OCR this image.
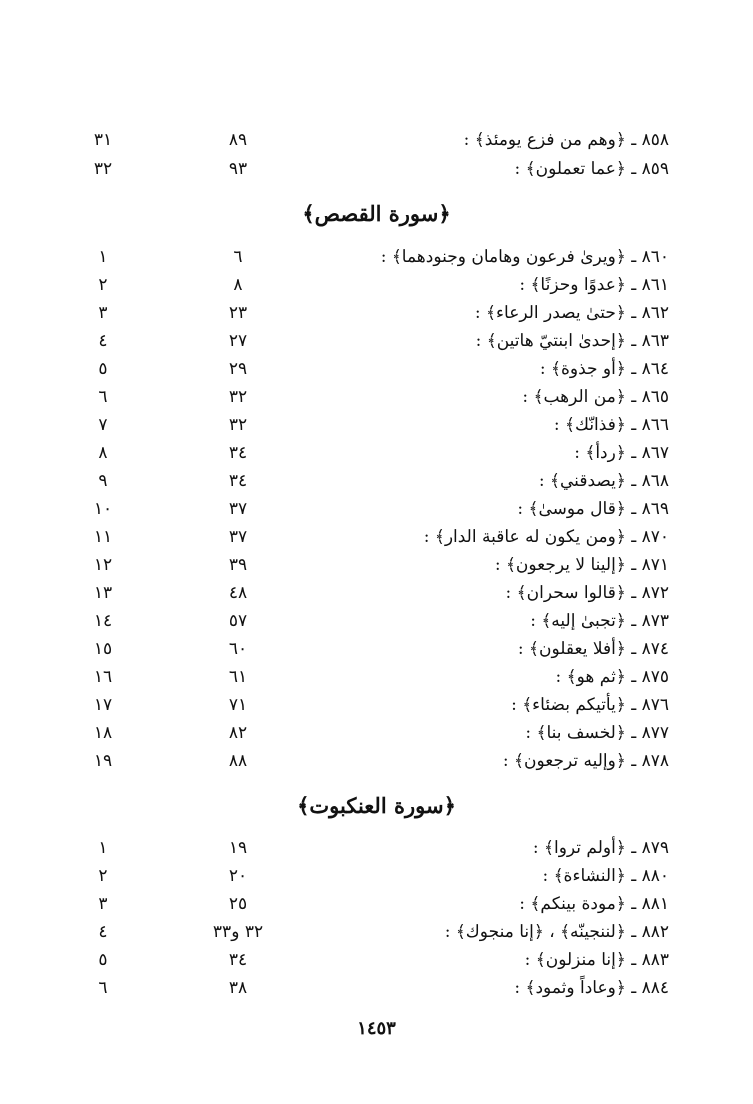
٨٥٨ ـ ﴿وهم من فزع يومئذ﴾ :
٨٩
٣١
٨٥٩ ـ ﴿عما تعملون﴾ :
٩٣
٣٢
﴿سورة القصص﴾
٨٦٠ ـ ﴿ويرىٰ فرعون وهامان وجنودهما﴾ :
٦
١
٨٦١ ـ ﴿عدوًا وحزنًا﴾ :
٨
٢
٨٦٢ ـ ﴿حتىٰ يصدر الرعاء﴾ :
٢٣
٣
٨٦٣ ـ ﴿إحدىٰ ابنتيّ هاتين﴾ :
٢٧
٤
٨٦٤ ـ ﴿أو جذوة﴾ :
٢٩
٥
٨٦٥ ـ ﴿من الرهب﴾ :
٣٢
٦
٨٦٦ ـ ﴿فذانّك﴾ :
٣٢
٧
٨٦٧ ـ ﴿ردأ﴾ :
٣٤
٨
٨٦٨ ـ ﴿يصدقني﴾ :
٣٤
٩
٨٦٩ ـ ﴿قال موسىٰ﴾ :
٣٧
١٠
٨٧٠ ـ ﴿ومن يكون له عاقبة الدار﴾ :
٣٧
١١
٨٧١ ـ ﴿إلينا لا يرجعون﴾ :
٣٩
١٢
٨٧٢ ـ ﴿قالوا سحران﴾ :
٤٨
١٣
٨٧٣ ـ ﴿تجبىٰ إليه﴾ :
٥٧
١٤
٨٧٤ ـ ﴿أفلا يعقلون﴾ :
٦٠
١٥
٨٧٥ ـ ﴿ثم هو﴾ :
٦١
١٦
٨٧٦ ـ ﴿يأتيكم بضئاء﴾ :
٧١
١٧
٨٧٧ ـ ﴿لخسف بنا﴾ :
٨٢
١٨
٨٧٨ ـ ﴿وإليه ترجعون﴾ :
٨٨
١٩
﴿سورة العنكبوت﴾
٨٧٩ ـ ﴿أولم تروا﴾ :
١٩
١
٨٨٠ ـ ﴿النشاءة﴾ :
٢٠
٢
٨٨١ ـ ﴿مودة بينكم﴾ :
٢٥
٣
٨٨٢ ـ ﴿لننجينّه﴾ ، ﴿إنا منجوك﴾ :
٣٢ و٣٣
٤
٨٨٣ ـ ﴿إنا منزلون﴾ :
٣٤
٥
٨٨٤ ـ ﴿وعاداً وثمود﴾ :
٣٨
٦
١٤٥٣
